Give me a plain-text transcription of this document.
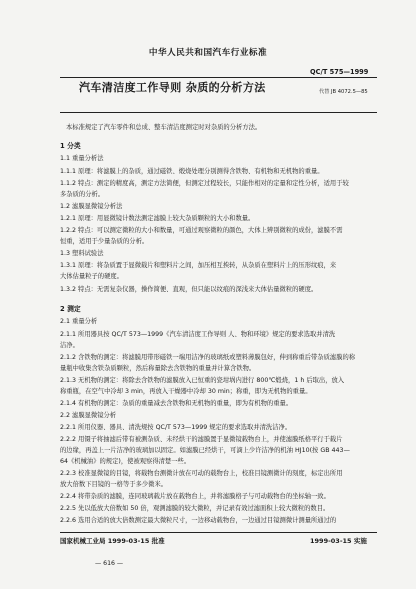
中华人民共和国汽车行业标准
QC/T 575—1999
汽车清洁度工作导则 杂质的分析方法	代替 JB 4072.5—85
本标准规定了汽车零件和总成、整车清洁度测定时对杂质的分析方法。
1 分类
1.1 重量分析法
1.1.1 原理：将滤膜上的杂质，通过磁铁、煅烧处理分别测得含铁物、有机物和无机物的重量。
1.1.2 特点：测定的精度高，测定方法简便，但测定过程较长，只能作相对的定量和定性分析，适用于较
多杂质的分析。
1.2 滤膜显微镜分析法
1.2.1 原理：用显微镜计数法测定滤膜上较大杂质颗粒的大小和数量。
1.2.2 特点：可以测定微粒的大小和数量，可通过观察微粒的颜色，大体上辨别微粒的成份，滤膜不需
恒重，适用于少量杂质的分析。
1.3 塑料试验法
1.3.1 原理：将杂质置于显微载片和塑料片之间，加压相互挨转，从杂质在塑料片上的压形纹痕，来
大体估量粒子的硬度。
1.3.2 特点：无需复杂仪器，操作简便、直观，但只能以纹痕的深浅来大体估量微粒的硬度。
2 测定
2.1 重量分析
2.1.1 所用器具按 QC/T 573—1999《汽车清洁度工作导则 人、物和环境》规定的要求选取并清洗
洁净。
2.1.2 含铁物的测定：将滤膜用带形磁铁一端用洁净的玻璃纸或塑料薄膜包好，伸到称重后带杂质滤膜的称
量瓶中收集含铁杂质颗粒，然后称量除去含铁物的重量并计算含铁物。
2.1.3 无机物的测定：将除去含铁物的滤膜放入已恒重的瓷坩埚内进行 800℃煅烧，1 h 后取出，放入
称重瓶，在空气中冷却 3 min，再放入干燥器中冷却 30 min；称重，即为无机物的重量。
2.1.4 有机物的测定：杂质的重量减去含铁物和无机物的重量，即为有机物的重量。
2.2 滤膜显微镜分析
2.2.1 所用仪器、器具、清洗规按 QC/T 573—1999 规定的要求选取并清洗洁净。
2.2.2 用镊子将抽滤后带有被测杂质、未经烘干的滤膜置于显微镜载物台上，并使滤膜纸格平行于载片
的边缘，再盖上一片洁净的玻璃加以固定。如滤膜已经烘干，可滴上少许洁净的机油 HJ10(按 GB 443—
64《机械油》的规定)，使被观察得清楚一些。
2.2.3 校准显微镜的目镜，将载物台测微计放在可动的载物台上，校准目镜测微计的刻度，标定出所用
放大倍数下目镜的一格等于多少微米。
2.2.4 将带杂质的滤膜，连同玻璃载片放在载物台上，并将滤膜格子与可动载物台的坐标轴一致。
2.2.5 先以低放大倍数如 50 倍，观测滤膜的较大微粒，并记录有效过滤面积上较大微粒的数目。
2.2.6 选用合适的放大倍数测定最大微粒尺寸，一边移动载物台，一边通过目镜测微计测量所通过的
国家机械工业局 1999-03-15 批准	1999-03-15 实施
— 616 —
